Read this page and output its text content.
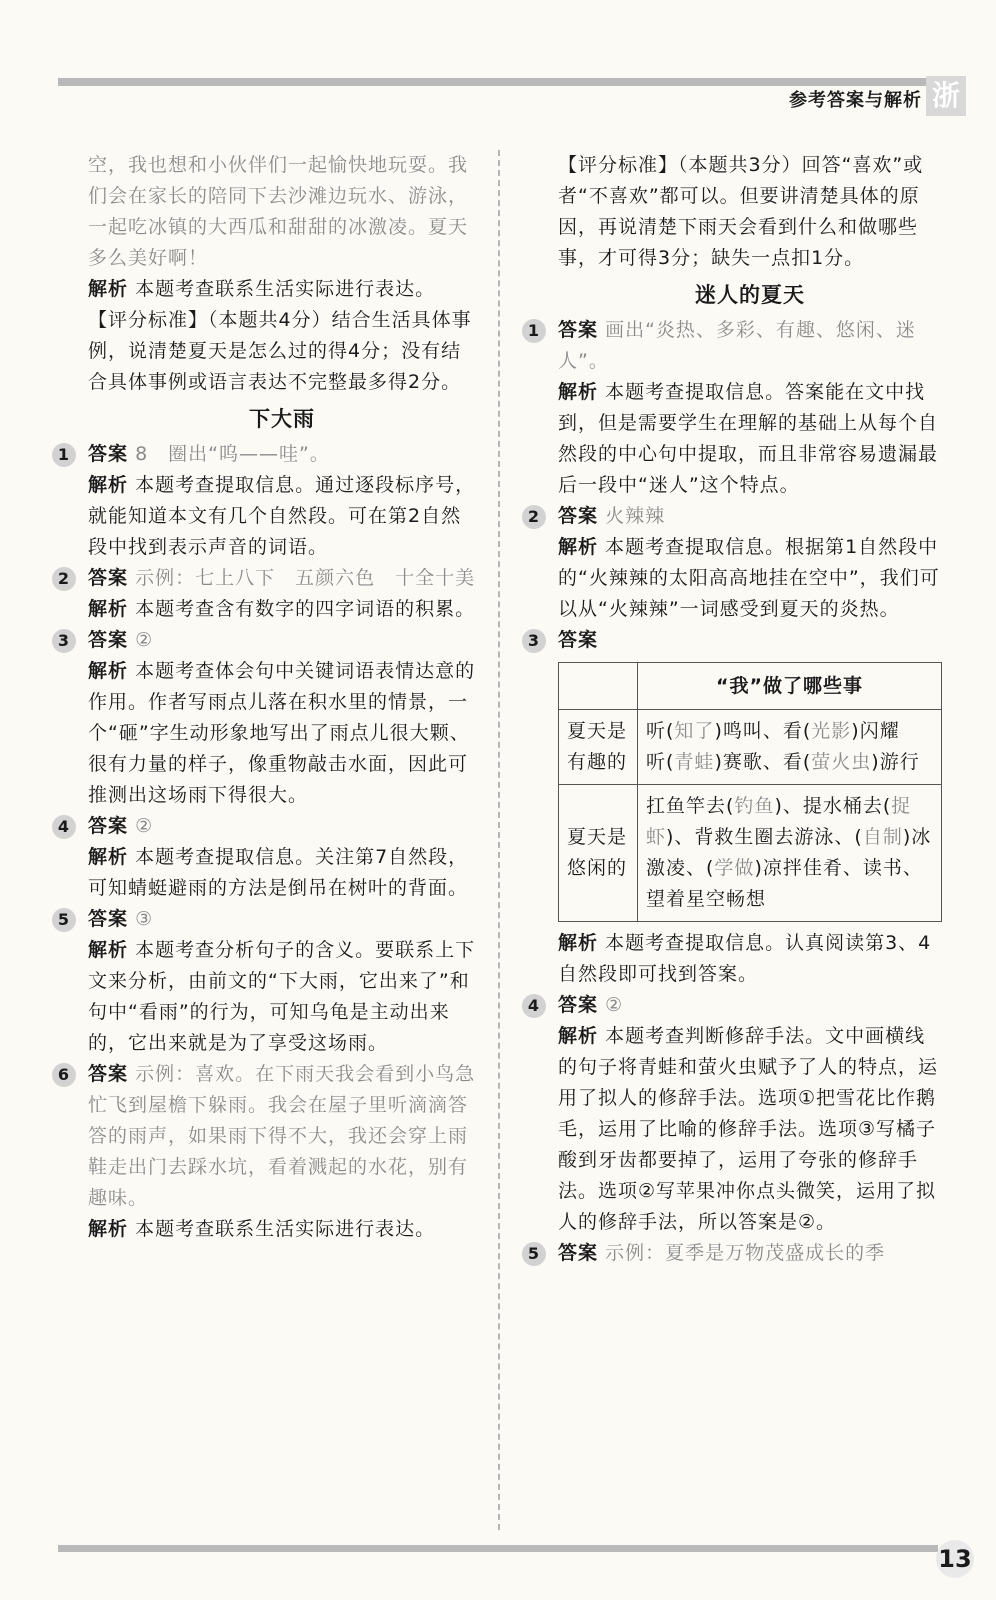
参考答案与解析 浙

空，我也想和小伙伴们一起愉快地玩耍。我们会在家长的陪同下去沙滩边玩水、游泳，一起吃冰镇的大西瓜和甜甜的冰激凌。夏天多么美好啊！

解析 本题考查联系生活实际进行表达。

【评分标准】（本题共4分）结合生活具体事例，说清楚夏天是怎么过的得4分；没有结合具体事例或语言表达不完整最多得2分。

下大雨
1 答案 8　圈出“呜——哇”。

解析 本题考查提取信息。通过逐段标序号，就能知道本文有几个自然段。可在第2自然段中找到表示声音的词语。

2 答案 示例：七上八下　五颜六色　十全十美

解析 本题考查含有数字的四字词语的积累。

3 答案 ②

解析 本题考查体会句中关键词语表情达意的作用。作者写雨点儿落在积水里的情景，一个“砸”字生动形象地写出了雨点儿很大颗、很有力量的样子，像重物敲击水面，因此可推测出这场雨下得很大。

4 答案 ②

解析 本题考查提取信息。关注第7自然段，可知蜻蜓避雨的方法是倒吊在树叶的背面。

5 答案 ③

解析 本题考查分析句子的含义。要联系上下文来分析，由前文的“下大雨，它出来了”和句中“看雨”的行为，可知乌龟是主动出来的，它出来就是为了享受这场雨。

6 答案 示例：喜欢。在下雨天我会看到小鸟急忙飞到屋檐下躲雨。我会在屋子里听滴滴答答的雨声，如果雨下得不大，我还会穿上雨鞋走出门去踩水坑，看着溅起的水花，别有趣味。

解析 本题考查联系生活实际进行表达。

【评分标准】（本题共3分）回答“喜欢”或者“不喜欢”都可以。但要讲清楚具体的原因，再说清楚下雨天会看到什么和做哪些事，才可得3分；缺失一点扣1分。

迷人的夏天
1 答案 画出“炎热、多彩、有趣、悠闲、迷人”。

解析 本题考查提取信息。答案能在文中找到，但是需要学生在理解的基础上从每个自然段的中心句中提取，而且非常容易遗漏最后一段中“迷人”这个特点。

2 答案 火辣辣

解析 本题考查提取信息。根据第1自然段中的“火辣辣的太阳高高地挂在空中”，我们可以从“火辣辣”一词感受到夏天的炎热。

3 答案

	“我”做了哪些事
夏天是有趣的	听(知了)鸣叫、看(光影)闪耀
听(青蛙)赛歌、看(萤火虫)游行
夏天是悠闲的	扛鱼竿去(钓鱼)、提水桶去(捉虾)、背救生圈去游泳、(自制)冰激凌、(学做)凉拌佳肴、读书、望着星空畅想

解析 本题考查提取信息。认真阅读第3、4自然段即可找到答案。

4 答案 ②

解析 本题考查判断修辞手法。文中画横线的句子将青蛙和萤火虫赋予了人的特点，运用了拟人的修辞手法。选项①把雪花比作鹅毛，运用了比喻的修辞手法。选项③写橘子酸到牙齿都要掉了，运用了夸张的修辞手法。选项②写苹果冲你点头微笑，运用了拟人的修辞手法，所以答案是②。

5 答案 示例：夏季是万物茂盛成长的季

13
